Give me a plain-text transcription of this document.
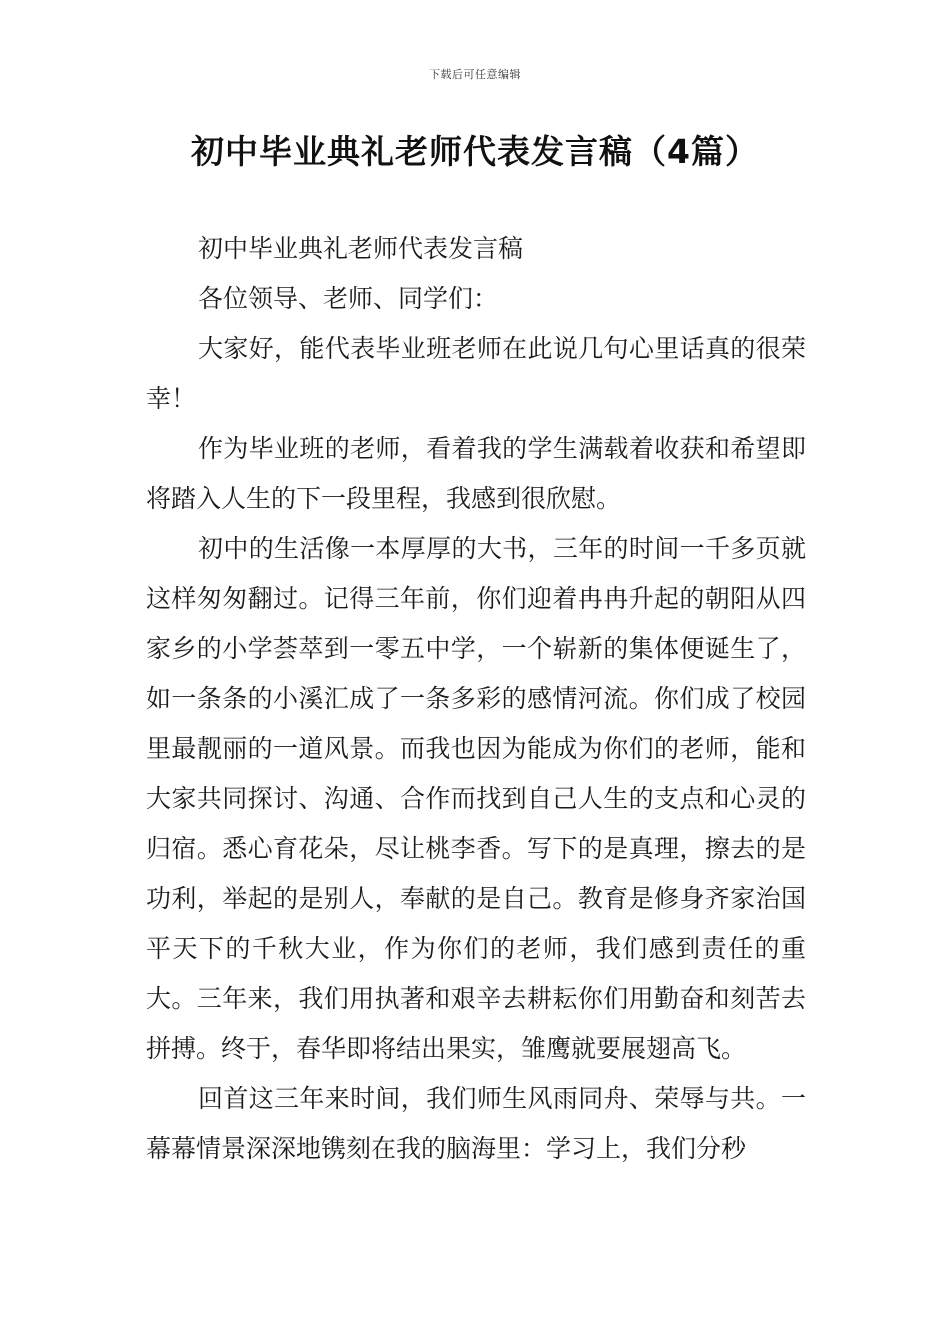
下载后可任意编辑
初中毕业典礼老师代表发言稿（4篇）

初中毕业典礼老师代表发言稿

各位领导、老师、同学们：

大家好，能代表毕业班老师在此说几句心里话真的很荣幸！

作为毕业班的老师，看着我的学生满载着收获和希望即将踏入人生的下一段里程，我感到很欣慰。

初中的生活像一本厚厚的大书，三年的时间一千多页就这样匆匆翻过。记得三年前，你们迎着冉冉升起的朝阳从四家乡的小学荟萃到一零五中学，一个崭新的集体便诞生了，如一条条的小溪汇成了一条多彩的感情河流。你们成了校园里最靓丽的一道风景。而我也因为能成为你们的老师，能和大家共同探讨、沟通、合作而找到自己人生的支点和心灵的归宿。悉心育花朵，尽让桃李香。写下的是真理，擦去的是功利，举起的是别人，奉献的是自己。教育是修身齐家治国平天下的千秋大业，作为你们的老师，我们感到责任的重大。三年来，我们用执著和艰辛去耕耘你们用勤奋和刻苦去拼搏。终于，春华即将结出果实，雏鹰就要展翅高飞。

回首这三年来时间，我们师生风雨同舟、荣辱与共。一幕幕情景深深地镌刻在我的脑海里：学习上，我们分秒
